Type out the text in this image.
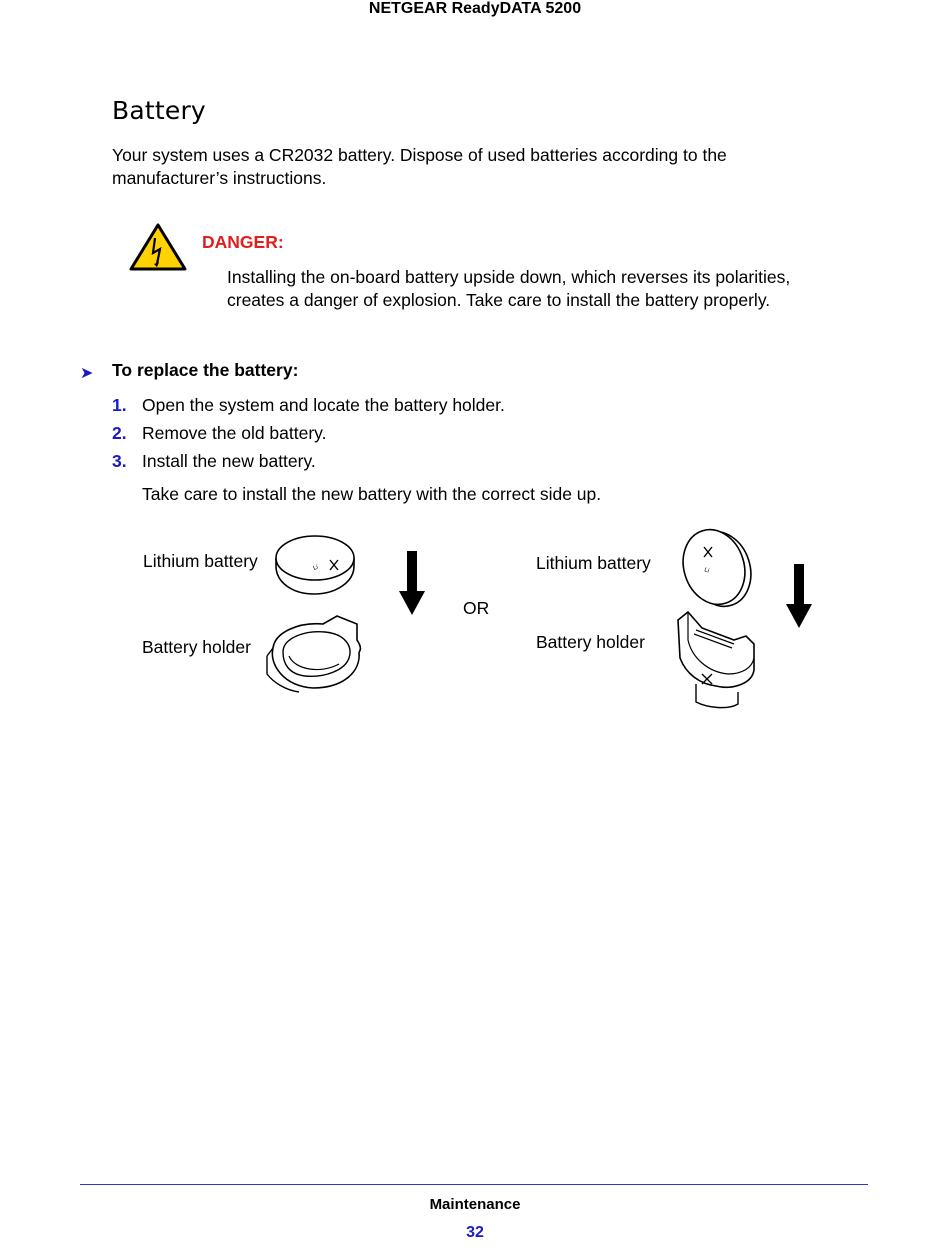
NETGEAR ReadyDATA 5200
Battery
Your system uses a CR2032 battery. Dispose of used batteries according to the manufacturer’s instructions.
DANGER:
Installing the on-board battery upside down, which reverses its polarities, creates a danger of explosion. Take care to install the battery properly.
➤ To replace the battery:
1. Open the system and locate the battery holder.
2. Remove the old battery.
3. Install the new battery.
Take care to install the new battery with the correct side up.
Lithium battery
Battery holder
Li
OR
Lithium battery
Battery holder
Li
Maintenance
32
